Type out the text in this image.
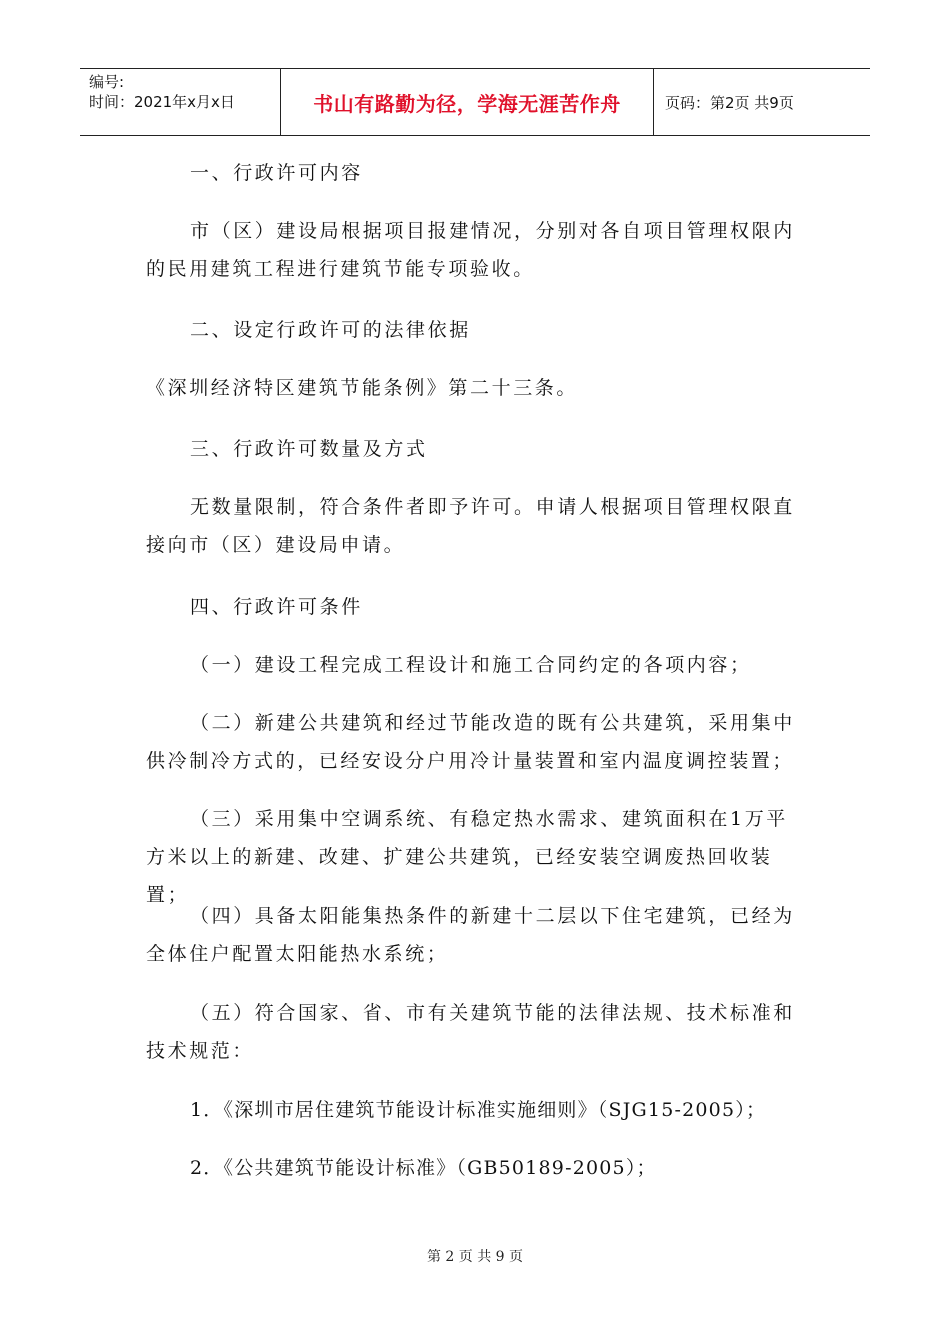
编号:
时间：2021年x月x日	书山有路勤为径，学海无涯苦作舟	页码：第2页 共9页
一、行政许可内容

市（区）建设局根据项目报建情况，分别对各自项目管理权限内的民用建筑工程进行建筑节能专项验收。

二、设定行政许可的法律依据

《深圳经济特区建筑节能条例》第二十三条。

三、行政许可数量及方式

无数量限制，符合条件者即予许可。申请人根据项目管理权限直接向市（区）建设局申请。

四、行政许可条件

（一）建设工程完成工程设计和施工合同约定的各项内容；

（二）新建公共建筑和经过节能改造的既有公共建筑，采用集中供冷制冷方式的，已经安设分户用冷计量装置和室内温度调控装置；

（三）采用集中空调系统、有稳定热水需求、建筑面积在1万平方米以上的新建、改建、扩建公共建筑，已经安装空调废热回收装置；

（四）具备太阳能集热条件的新建十二层以下住宅建筑，已经为全体住户配置太阳能热水系统；

（五）符合国家、省、市有关建筑节能的法律法规、技术标准和技术规范：

1．《深圳市居住建筑节能设计标准实施细则》（SJG15-2005）；

2．《公共建筑节能设计标准》（GB50189-2005）；

第 2 页 共 9 页
